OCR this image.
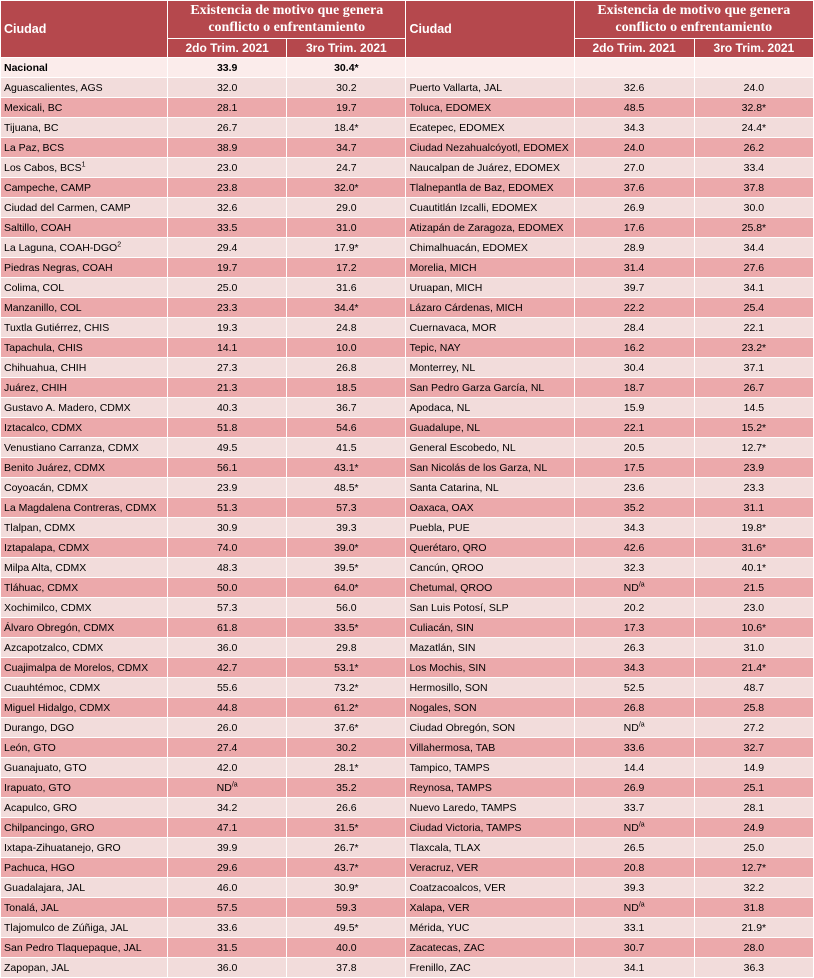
Ciudad	Existencia de motivo que genera conflicto o enfrentamiento		Ciudad	Existencia de motivo que genera conflicto o enfrentamiento	
	2do Trim. 2021	3ro Trim. 2021		2do Trim. 2021	3ro Trim. 2021
Nacional	33.9	30.4*			
Aguascalientes, AGS	32.0	30.2	Puerto Vallarta, JAL	32.6	24.0
Mexicali, BC	28.1	19.7	Toluca, EDOMEX	48.5	32.8*
Tijuana, BC	26.7	18.4*	Ecatepec, EDOMEX	34.3	24.4*
La Paz, BCS	38.9	34.7	Ciudad Nezahualcóyotl, EDOMEX	24.0	26.2
Los Cabos, BCS$^1$	23.0	24.7	Naucalpan de Juárez, EDOMEX	27.0	33.4
Campeche, CAMP	23.8	32.0*	Tlalnepantla de Baz, EDOMEX	37.6	37.8
Ciudad del Carmen, CAMP	32.6	29.0	Cuautitlán Izcalli, EDOMEX	26.9	30.0
Saltillo, COAH	33.5	31.0	Atizapán de Zaragoza, EDOMEX	17.6	25.8*
La Laguna, COAH-DGO$^2$	29.4	17.9*	Chimalhuacán, EDOMEX	28.9	34.4
Piedras Negras, COAH	19.7	17.2	Morelia, MICH	31.4	27.6
Colima, COL	25.0	31.6	Uruapan, MICH	39.7	34.1
Manzanillo, COL	23.3	34.4*	Lázaro Cárdenas, MICH	22.2	25.4
Tuxtla Gutiérrez, CHIS	19.3	24.8	Cuernavaca, MOR	28.4	22.1
Tapachula, CHIS	14.1	10.0	Tepic, NAY	16.2	23.2*
Chihuahua, CHIH	27.3	26.8	Monterrey, NL	30.4	37.1
Juárez, CHIH	21.3	18.5	San Pedro Garza García, NL	18.7	26.7
Gustavo A. Madero, CDMX	40.3	36.7	Apodaca, NL	15.9	14.5
Iztacalco, CDMX	51.8	54.6	Guadalupe, NL	22.1	15.2*
Venustiano Carranza, CDMX	49.5	41.5	General Escobedo, NL	20.5	12.7*
Benito Juárez, CDMX	56.1	43.1*	San Nicolás de los Garza, NL	17.5	23.9
Coyoacán, CDMX	23.9	48.5*	Santa Catarina, NL	23.6	23.3
La Magdalena Contreras, CDMX	51.3	57.3	Oaxaca, OAX	35.2	31.1
Tlalpan, CDMX	30.9	39.3	Puebla, PUE	34.3	19.8*
Iztapalapa, CDMX	74.0	39.0*	Querétaro, QRO	42.6	31.6*
Milpa Alta, CDMX	48.3	39.5*	Cancún, QROO	32.3	40.1*
Tláhuac, CDMX	50.0	64.0*	Chetumal, QROO	$ND^{/a}$	21.5
Xochimilco, CDMX	57.3	56.0	San Luis Potosí, SLP	20.2	23.0
Álvaro Obregón, CDMX	61.8	33.5*	Culiacán, SIN	17.3	10.6*
Azcapotzalco, CDMX	36.0	29.8	Mazatlán, SIN	26.3	31.0
Cuajimalpa de Morelos, CDMX	42.7	53.1*	Los Mochis, SIN	34.3	21.4*
Cuauhtémoc, CDMX	55.6	73.2*	Hermosillo, SON	52.5	48.7
Miguel Hidalgo, CDMX	44.8	61.2*	Nogales, SON	26.8	25.8
Durango, DGO	26.0	37.6*	Ciudad Obregón, SON	$ND^{/a}$	27.2
León, GTO	27.4	30.2	Villahermosa, TAB	33.6	32.7
Guanajuato, GTO	42.0	28.1*	Tampico, TAMPS	14.4	14.9
Irapuato, GTO	$ND^{/a}$	35.2	Reynosa, TAMPS	26.9	25.1
Acapulco, GRO	34.2	26.6	Nuevo Laredo, TAMPS	33.7	28.1
Chilpancingo, GRO	47.1	31.5*	Ciudad Victoria, TAMPS	$ND^{/a}$	24.9
Ixtapa-Zihuatanejo, GRO	39.9	26.7*	Tlaxcala, TLAX	26.5	25.0
Pachuca, HGO	29.6	43.7*	Veracruz, VER	20.8	12.7*
Guadalajara, JAL	46.0	30.9*	Coatzacoalcos, VER	39.3	32.2
Tonalá, JAL	57.5	59.3	Xalapa, VER	$ND^{/a}$	31.8
Tlajomulco de Zúñiga, JAL	33.6	49.5*	Mérida, YUC	33.1	21.9*
San Pedro Tlaquepaque, JAL	31.5	40.0	Zacatecas, ZAC	30.7	28.0
Zapopan, JAL	36.0	37.8	Frenillo, ZAC	34.1	36.3
